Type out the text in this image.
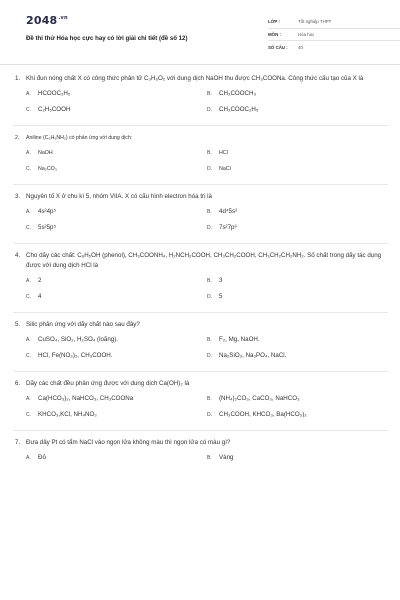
$2048^{.vn}$
Đề thi thử Hóa học cực hay có lời giải chi tiết (đề số 12)
LỚP :	Tốt nghiệp THPT
MÔN :	Hóa học
SỐ CÂU :	40
1. Khi đun nóng chất X có công thức phân tử C₃H₆O₂ với dung dịch NaOH thu được CH₃COONa. Công thức cấu tạo của X là
A.	HCOOC₂H₅	B.	CH₃COOCH₃
C.	C₂H₅COOH	D.	CH₃COOC₂H₅
2.	Aniline (C₆H₅NH₂) có phản ứng với dung dịch:
A.	NaOH	B.	HCl
C.	Na₂CO₃	D.	NaCl
3. Nguyên tố X ở chu kì 5, nhóm VIIA. X có cấu hình electron hóa trị là
A.	4s²4p⁵	B.	4d⁴5s²
C.	5s²5p⁵	D.	7s²7p³
4. Cho dãy các chất: C₆H₅OH (phenol), CH₃COONH₄, H₂NCH₂COOH, CH₃CH₂COOH, CH₃CH₂CH₂NH₂. Số chất trong dãy tác dụng được với dung dịch HCl là
A.	2	B.	3
C.	4	D.	5
5. Silic phản ứng với dãy chất nào sau đây?
A.	CuSO₄, SiO₂, H₂SO₄ (loãng).	B.	F₂, Mg, NaOH.
C.	HCl, Fe(NO₃)₂, CH₃COOH.	D.	Na₂SiO₃, Na₃PO₄, NaCl.
6. Dãy các chất đều phản ứng được với dung dịch Ca(OH)₂ là
A.	Ca(HCO₃)₂, NaHCO₃, CH₃COONa	B.	(NH₄)₂CO₃, CaCO₃, NaHCO₃
C.	KHCO₃,KCl, NH₄NO₃	D.	CH₃COOH, KHCO₃, Ba(HCO₃)₂
7. Đưa dây Pt có tẩm NaCl vào ngọn lửa không màu thì ngọn lửa có màu gì?
A.	Đỏ	B.	Vàng
